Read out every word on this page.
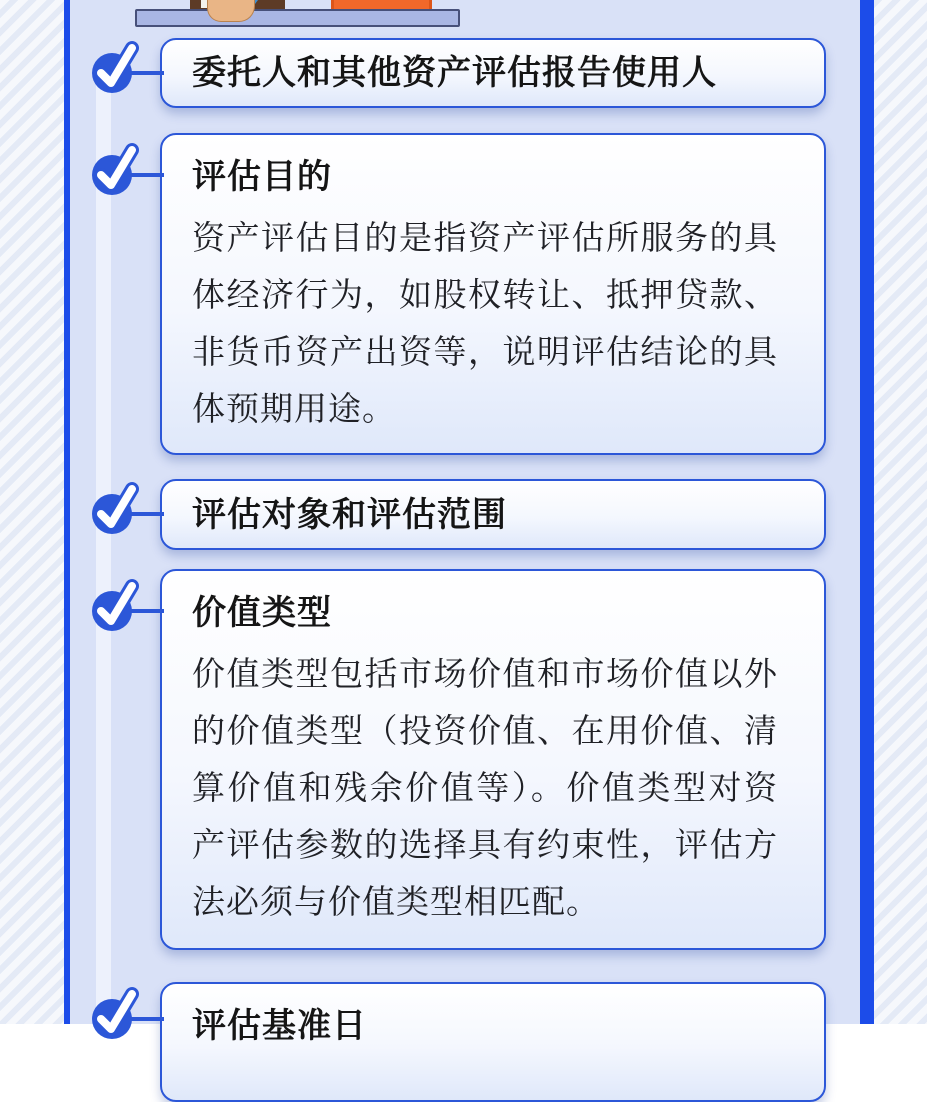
委托人和其他资产评估报告使用人
评估目的
资产评估目的是指资产评估所服务的具体经济行为，如股权转让、抵押贷款、非货币资产出资等，说明评估结论的具体预期用途。
评估对象和评估范围
价值类型
价值类型包括市场价值和市场价值以外的价值类型（投资价值、在用价值、清算价值和残余价值等）。价值类型对资产评估参数的选择具有约束性，评估方法必须与价值类型相匹配。
评估基准日
